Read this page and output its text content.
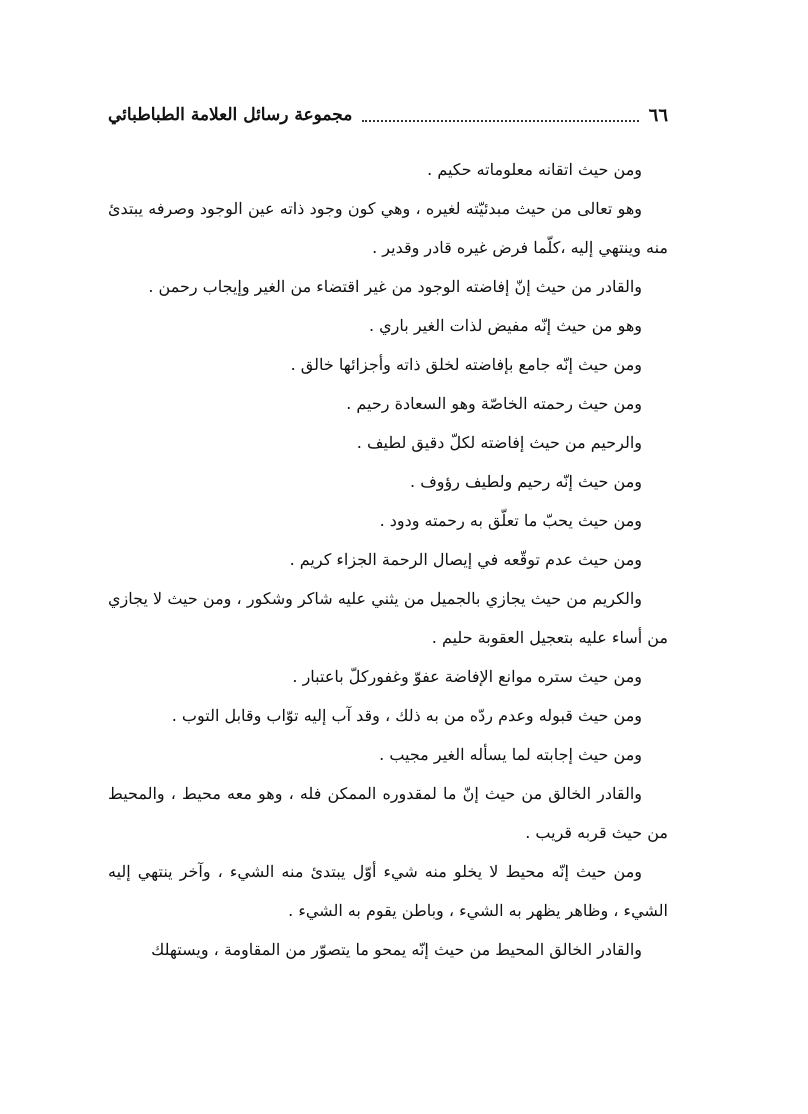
٦٦
مجموعة رسائل العلامة الطباطبائي

ومن حيث اتقانه معلوماته حكيم .

وهو تعالى من حيث مبدئيّته لغيره ، وهي كون وجود ذاته عين الوجود وصرفه يبتدئ منه وينتهي إليه ،كلّما فرض غيره قادر وقدير .

والقادر من حيث إنّ إفاضته الوجود من غير اقتضاء من الغير وإيجاب رحمن .

وهو من حيث إنّه مفيض لذات الغير باري .

ومن حيث إنّه جامع بإفاضته لخلق ذاته وأجزائها خالق .

ومن حيث رحمته الخاصّة وهو السعادة رحيم .

والرحيم من حيث إفاضته لكلّ دقيق لطيف .

ومن حيث إنّه رحيم ولطيف رؤوف .

ومن حيث يحبّ ما تعلّق به رحمته ودود .

ومن حيث عدم توقّعه في إيصال الرحمة الجزاء كريم .

والكريم من حيث يجازي بالجميل من يثني عليه شاكر وشكور ، ومن حيث لا يجازي من أساء عليه بتعجيل العقوبة حليم .

ومن حيث ستره موانع الإفاضة عفوّ وغفوركلّ باعتبار .

ومن حيث قبوله وعدم ردّه من به ذلك ، وقد آب إليه توّاب وقابل التوب .

ومن حيث إجابته لما يسأله الغير مجيب .

والقادر الخالق من حيث إنّ ما لمقدوره الممكن فله ، وهو معه محيط ، والمحيط من حيث قربه قريب .

ومن حيث إنّه محيط لا يخلو منه شيء أوّل يبتدئ منه الشيء ، وآخر ينتهي إليه الشيء ، وظاهر يظهر به الشيء ، وباطن يقوم به الشيء .

والقادر الخالق المحيط من حيث إنّه يمحو ما يتصوّر من المقاومة ، ويستهلك
